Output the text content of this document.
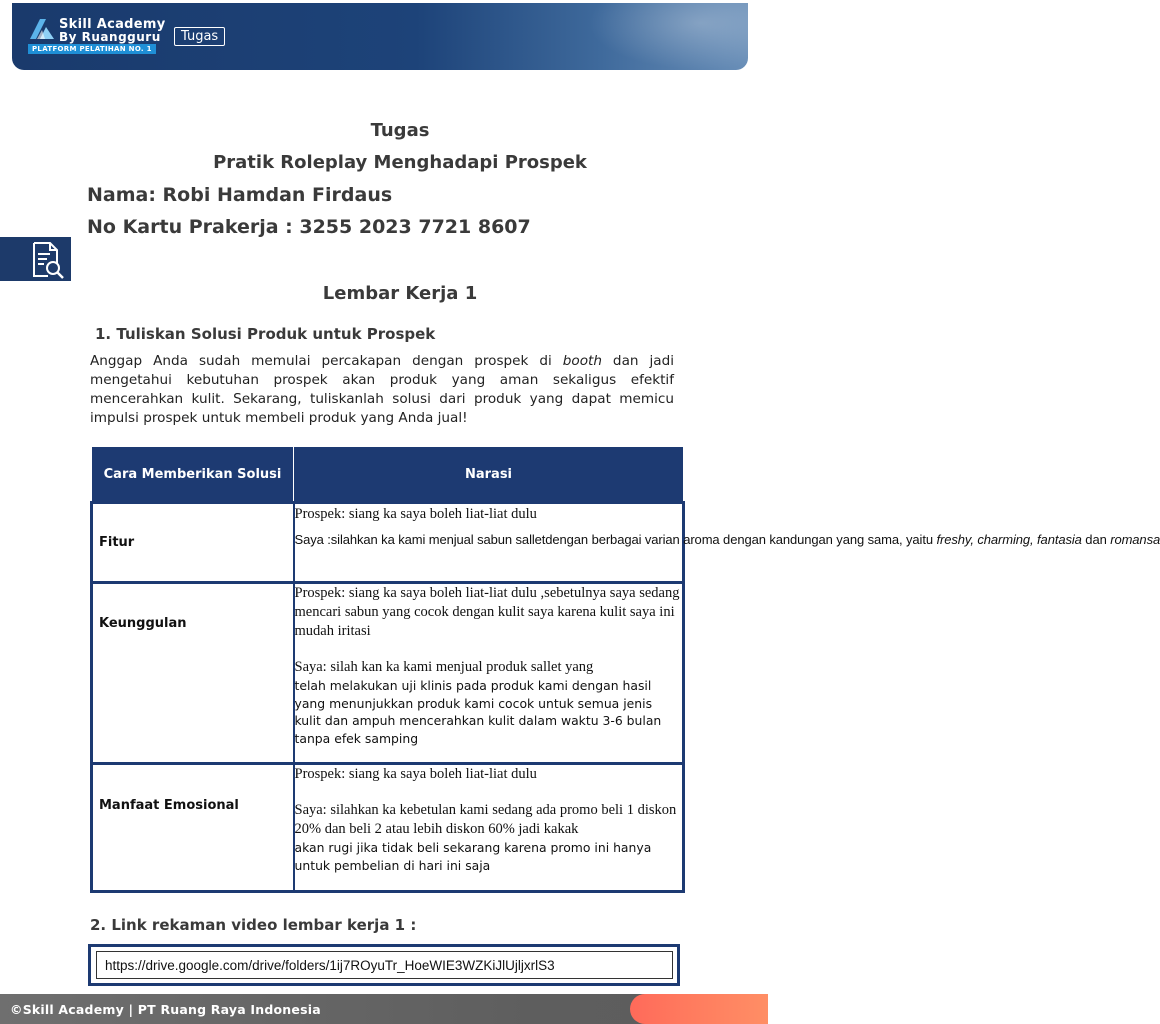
Skill Academy
By Ruangguru
PLATFORM PELATIHAN NO. 1
Tugas
Tugas
Pratik Roleplay Menghadapi Prospek
Nama: Robi Hamdan Firdaus
No Kartu Prakerja : 3255 2023 7721 8607
Lembar Kerja 1
1. Tuliskan Solusi Produk untuk Prospek
Anggap Anda sudah memulai percakapan dengan prospek di booth dan jadi mengetahui kebutuhan prospek akan produk yang aman sekaligus efektif mencerahkan kulit. Sekarang, tuliskanlah solusi dari produk yang dapat memicu impulsi prospek untuk membeli produk yang Anda jual!
Cara Memberikan Solusi	Narasi

Fitur	Prospek: siang ka saya boleh liat-liat dulu
Saya :silahkan ka kami menjual sabun salletdengan berbagai varian aroma dengan kandungan yang sama, yaitu freshy, charming, fantasia dan romansa

Keunggulan	Prospek: siang ka saya boleh liat-liat dulu ,sebetulnya saya sedang mencari sabun yang cocok dengan kulit saya karena kulit saya ini mudah iritasi
Saya: silah kan ka kami menjual produk sallet yang
telah melakukan uji klinis pada produk kami dengan hasil yang menunjukkan produk kami cocok untuk semua jenis kulit dan ampuh mencerahkan kulit dalam waktu 3-6 bulan tanpa efek samping

Manfaat Emosional	Prospek: siang ka saya boleh liat-liat dulu
Saya: silahkan ka kebetulan kami sedang ada promo beli 1 diskon 20% dan beli 2 atau lebih diskon 60% jadi kakak
akan rugi jika tidak beli sekarang karena promo ini hanya untuk pembelian di hari ini saja
2. Link rekaman video lembar kerja 1 :
https://drive.google.com/drive/folders/1ij7ROyuTr_HoeWIE3WZKiJlUjljxrlS3
©Skill Academy | PT Ruang Raya Indonesia
